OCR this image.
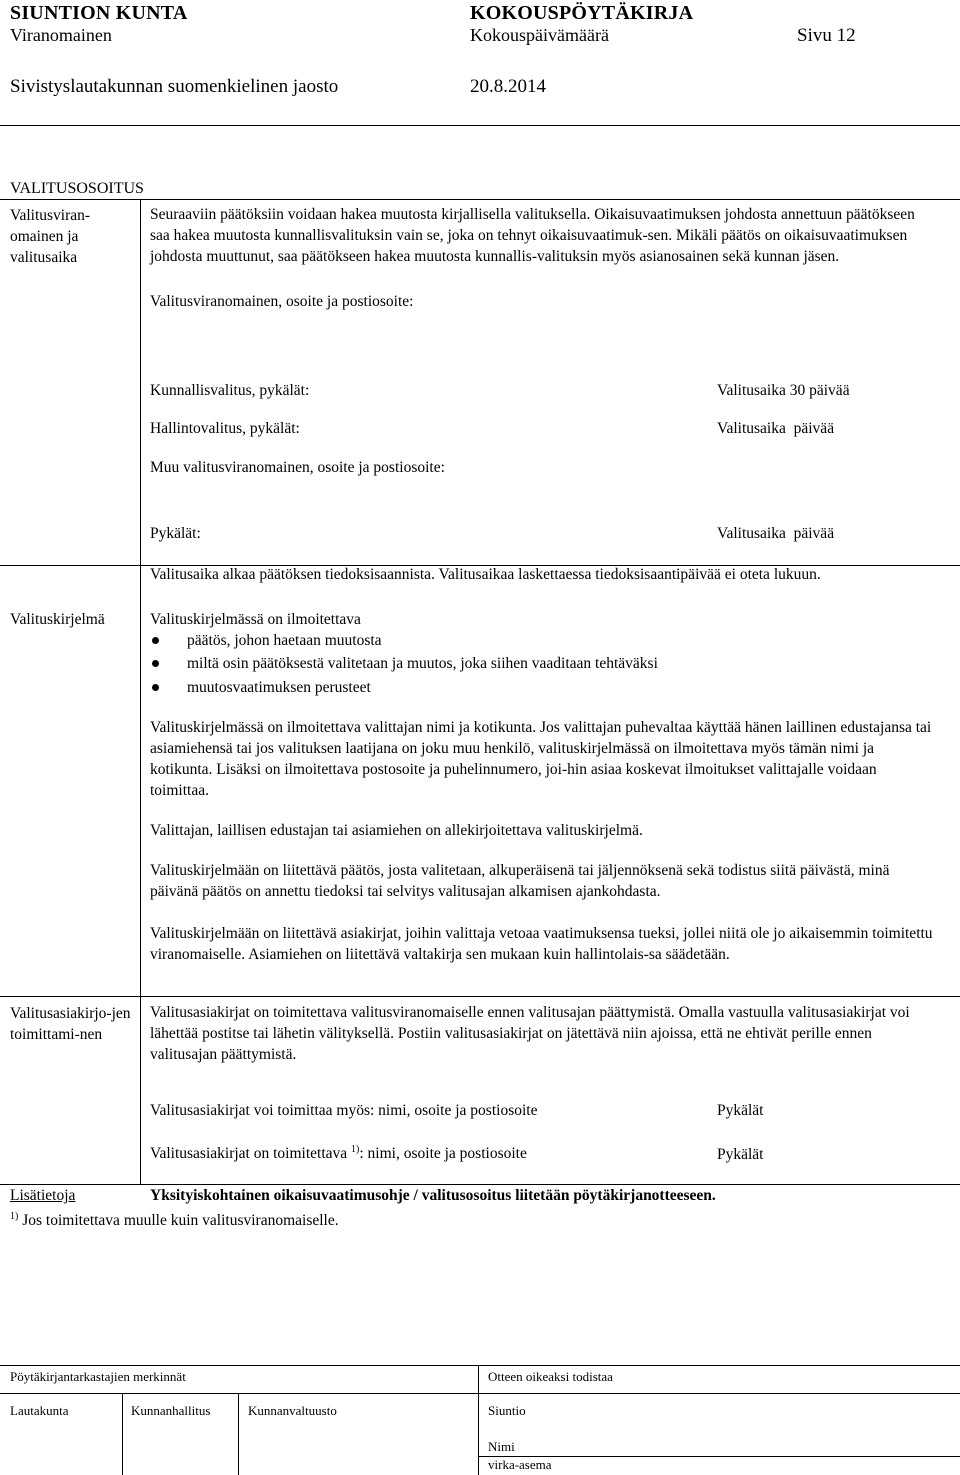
SIUNTION KUNTA	KOKOUSPÖYTÄKIRJA
Viranomainen	Kokouspäivämäärä	Sivu 12
Sivistyslautakunnan suomenkielinen jaosto	20.8.2014
VALITUSOSOITUS
Valitusviran-omainen ja valitusaika
Seuraaviin päätöksiin voidaan hakea muutosta kirjallisella valituksella. Oikaisuvaatimuksen johdosta annettuun päätökseen saa hakea muutosta kunnallisvalituksin vain se, joka on tehnyt oikaisuvaatimuk-sen. Mikäli päätös on oikaisuvaatimuksen johdosta muuttunut, saa päätökseen hakea muutosta kunnallis-valituksin myös asianosainen sekä kunnan jäsen.
Valitusviranomainen, osoite ja postiosoite:
Kunnallisvalitus, pykälät:	Valitusaika 30 päivää
Hallintovalitus, pykälät:	Valitusaika  päivää
Muu valitusviranomainen, osoite ja postiosoite:
Pykälät:	Valitusaika  päivää
Valitusaika alkaa päätöksen tiedoksisaannista. Valitusaikaa laskettaessa tiedoksisaantipäivää ei oteta lukuun.
Valituskirjelmä	Valituskirjelmässä on ilmoitettava
päätös, johon haetaan muutosta
miltä osin päätöksestä valitetaan ja muutos, joka siihen vaaditaan tehtäväksi
muutosvaatimuksen perusteet
Valituskirjelmässä on ilmoitettava valittajan nimi ja kotikunta. Jos valittajan puhevaltaa käyttää hänen laillinen edustajansa tai asiamiehensä tai jos valituksen laatijana on joku muu henkilö, valituskirjelmässä on ilmoitettava myös tämän nimi ja kotikunta. Lisäksi on ilmoitettava postosoite ja puhelinnumero, joi-hin asiaa koskevat ilmoitukset valittajalle voidaan toimittaa.
Valittajan, laillisen edustajan tai asiamiehen on allekirjoitettava valituskirjelmä.
Valituskirjelmään on liitettävä päätös, josta valitetaan, alkuperäisenä tai jäljennöksenä sekä todistus siitä päivästä, minä päivänä päätös on annettu tiedoksi tai selvitys valitusajan alkamisen ajankohdasta.
Valituskirjelmään on liitettävä asiakirjat, joihin valittaja vetoaa vaatimuksensa tueksi, jollei niitä ole jo aikaisemmin toimitettu viranomaiselle. Asiamiehen on liitettävä valtakirja sen mukaan kuin hallintolais-sa säädetään.
Valitusasiakirjo-jen toimittami-nen
Valitusasiakirjat on toimitettava valitusviranomaiselle ennen valitusajan päättymistä. Omalla vastuulla valitusasiakirjat voi lähettää postitse tai lähetin välityksellä. Postiin valitusasiakirjat on jätettävä niin ajoissa, että ne ehtivät perille ennen valitusajan päättymistä.
Valitusasiakirjat voi toimittaa myös: nimi, osoite ja postiosoite	Pykälät
Valitusasiakirjat on toimitettava $^{1)}$: nimi, osoite ja postiosoite	Pykälät
Lisätietoja	Yksityiskohtainen oikaisuvaatimusohje / valitusosoitus liitetään pöytäkirjanotteeseen.
$^{1)}$ Jos toimitettava muulle kuin valitusviranomaiselle.
Pöytäkirjantarkastajien merkinnät	Otteen oikeaksi todistaa
Lautakunta	Kunnanhallitus	Kunnanvaltuusto	Siuntio
Nimi
virka-asema
